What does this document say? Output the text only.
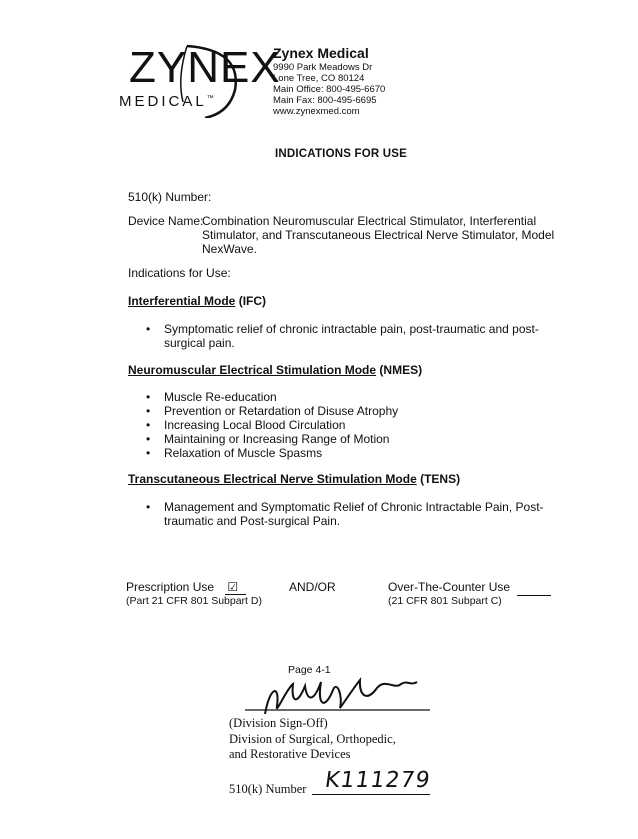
ZYNEX
MEDICAL™
Zynex Medical
9990 Park Meadows Dr
Lone Tree, CO 80124
Main Office: 800-495-6670
Main Fax: 800-495-6695
www.zynexmed.com
INDICATIONS FOR USE
510(k) Number:
Device Name:
Combination Neuromuscular Electrical Stimulator, Interferential
Stimulator, and Transcutaneous Electrical Nerve Stimulator, Model
NexWave.
Indications for Use:
Interferential Mode (IFC)
• Symptomatic relief of chronic intractable pain, post-traumatic and post-
surgical pain.
Neuromuscular Electrical Stimulation Mode (NMES)
• Muscle Re-education
• Prevention or Retardation of Disuse Atrophy
• Increasing Local Blood Circulation
• Maintaining or Increasing Range of Motion
• Relaxation of Muscle Spasms
Transcutaneous Electrical Nerve Stimulation Mode (TENS)
• Management and Symptomatic Relief of Chronic Intractable Pain, Post-
traumatic and Post-surgical Pain.
Prescription Use ☑
(Part 21 CFR 801 Subpart D)
AND/OR	Over-The-Counter Use
(21 CFR 801 Subpart C)
Page 4-1
(Division Sign-Off)
Division of Surgical, Orthopedic,
and Restorative Devices
510(k) Number K111279
